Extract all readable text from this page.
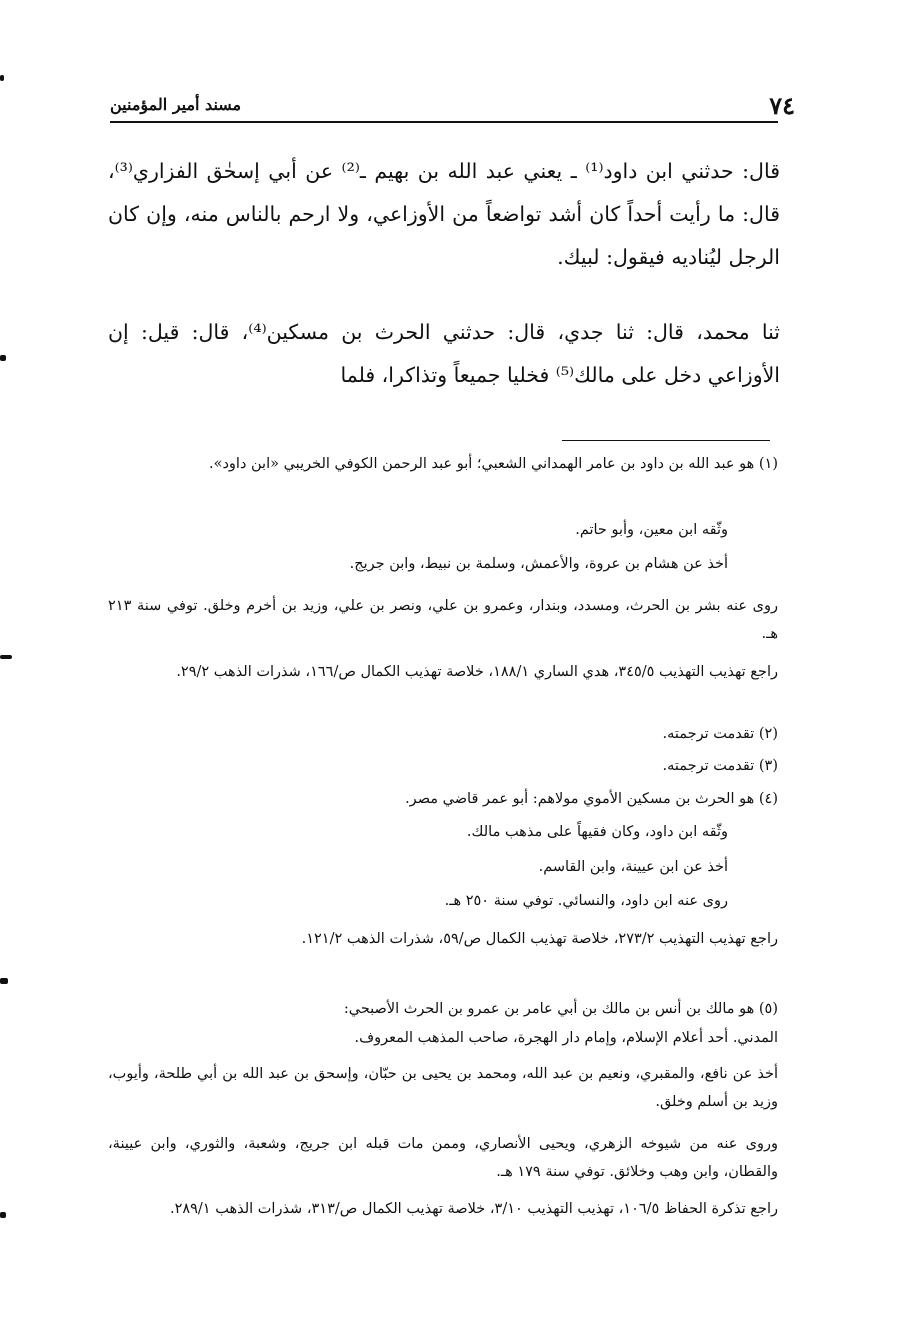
٧٤
مسند أمير المؤمنين

قال: حدثني ابن داود⁽¹⁾ ـ يعني عبد الله بن بهيم ـ⁽²⁾ عن أبي إسحٰق الفزاري⁽³⁾، قال: ما رأيت أحداً كان أشد تواضعاً من الأوزاعي، ولا ارحم بالناس منه، وإن كان الرجل ليُناديه فيقول: لبيك.

ثنا محمد، قال: ثنا جدي، قال: حدثني الحرث بن مسكين⁽⁴⁾، قال: قيل: إن الأوزاعي دخل على مالك⁽⁵⁾ فخليا جميعاً وتذاكرا، فلما

(١) هو عبد الله بن داود بن عامر الهمداني الشعبي؛ أبو عبد الرحمن الكوفي الخريبي «ابن داود».

وثّقه ابن معين، وأبو حاتم.

أخذ عن هشام بن عروة، والأعمش، وسلمة بن نبيط، وابن جريج.

روى عنه بشر بن الحرث، ومسدد، وبندار، وعمرو بن علي، ونصر بن علي، وزيد بن أخرم وخلق. توفي سنة ٢١٣ هـ.

راجع تهذيب التهذيب ٣٤٥/٥، هدي الساري ١٨٨/١، خلاصة تهذيب الكمال ص/١٦٦، شذرات الذهب ٢٩/٢.

(٢) تقدمت ترجمته.

(٣) تقدمت ترجمته.

(٤) هو الحرث بن مسكين الأموي مولاهم: أبو عمر قاضي مصر.

وثّقه ابن داود، وكان فقيهاً على مذهب مالك.

أخذ عن ابن عيينة، وابن القاسم.

روى عنه ابن داود، والنسائي. توفي سنة ٢٥٠ هـ.

راجع تهذيب التهذيب ٢٧٣/٢، خلاصة تهذيب الكمال ص/٥٩، شذرات الذهب ١٢١/٢.

(٥) هو مالك بن أنس بن مالك بن أبي عامر بن عمرو بن الحرث الأصبحي:

المدني. أحد أعلام الإسلام، وإمام دار الهجرة، صاحب المذهب المعروف.

أخذ عن نافع، والمقبري، ونعيم بن عبد الله، ومحمد بن يحيى بن حبّان، وإسحق بن عبد الله بن أبي طلحة، وأيوب، وزيد بن أسلم وخلق.

وروى عنه من شيوخه الزهري، ويحيى الأنصاري، وممن مات قبله ابن جريج، وشعبة، والثوري، وابن عيينة، والقطان، وابن وهب وخلائق. توفي سنة ١٧٩ هـ.

راجع تذكرة الحفاظ ١٠٦/٥، تهذيب التهذيب ٣/١٠، خلاصة تهذيب الكمال ص/٣١٣، شذرات الذهب ٢٨٩/١.
